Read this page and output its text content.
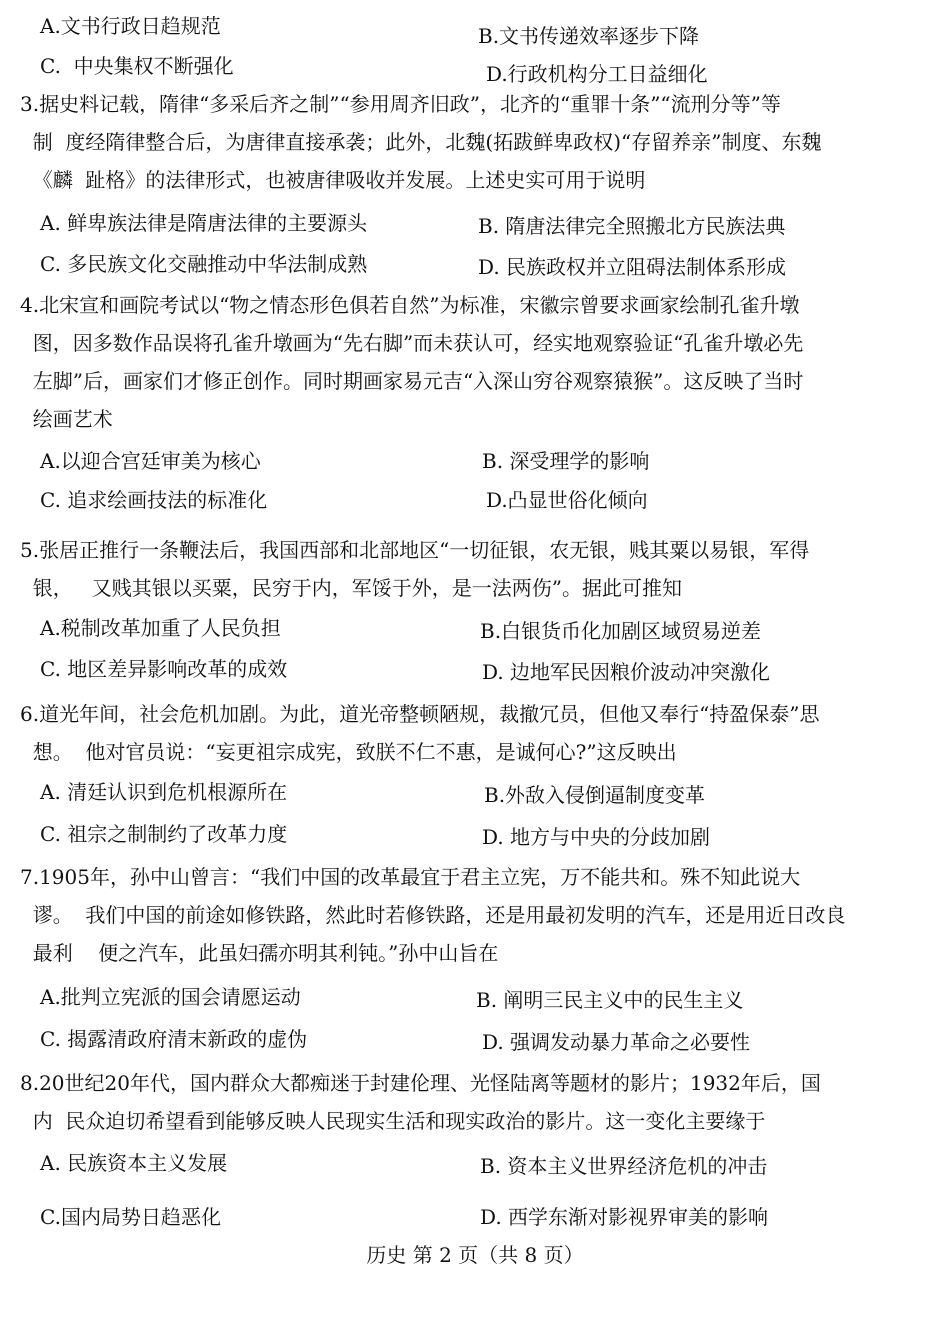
A.文书行政日趋规范	B.文书传递效率逐步下降
C.  中央集权不断强化	D.行政机构分工日益细化
3.据史料记载，隋律“多采后齐之制”“参用周齐旧政”，北齐的“重罪十条”“流刑分等”等
制  度经隋律整合后，为唐律直接承袭；此外，北魏(拓跋鲜卑政权)“存留养亲”制度、东魏
《麟  趾格》的法律形式，也被唐律吸收并发展。上述史实可用于说明
A. 鲜卑族法律是隋唐法律的主要源头	B. 隋唐法律完全照搬北方民族法典
C. 多民族文化交融推动中华法制成熟	D. 民族政权并立阻碍法制体系形成
4.北宋宣和画院考试以“物之情态形色俱若自然”为标准，宋徽宗曾要求画家绘制孔雀升墩
图，因多数作品误将孔雀升墩画为“先右脚”而未获认可，经实地观察验证“孔雀升墩必先
左脚”后，画家们才修正创作。同时期画家易元吉“入深山穷谷观察猿猴”。这反映了当时
绘画艺术
A.以迎合宫廷审美为核心	B. 深受理学的影响
C. 追求绘画技法的标准化	D.凸显世俗化倾向
5.张居正推行一条鞭法后，我国西部和北部地区“一切征银，农无银，贱其粟以易银，军得
银，   又贱其银以买粟，民穷于内，军馁于外，是一法两伤”。据此可推知
A.税制改革加重了人民负担	B.白银货币化加剧区域贸易逆差
C. 地区差异影响改革的成效	D. 边地军民因粮价波动冲突激化
6.道光年间，社会危机加剧。为此，道光帝整顿陋规，裁撤冗员，但他又奉行“持盈保泰”思
想。  他对官员说：“妄更祖宗成宪，致朕不仁不惠，是诚何心?”这反映出
A. 清廷认识到危机根源所在	B.外敌入侵倒逼制度变革
C. 祖宗之制制约了改革力度	D. 地方与中央的分歧加剧
7.1905年，孙中山曾言：“我们中国的改革最宜于君主立宪，万不能共和。殊不知此说大
谬。  我们中国的前途如修铁路，然此时若修铁路，还是用最初发明的汽车，还是用近日改良
最利    便之汽车，此虽妇孺亦明其利钝。”孙中山旨在
A.批判立宪派的国会请愿运动	B. 阐明三民主义中的民生主义
C. 揭露清政府清末新政的虚伪	D. 强调发动暴力革命之必要性
8.20世纪20年代，国内群众大都痴迷于封建伦理、光怪陆离等题材的影片；1932年后，国
内  民众迫切希望看到能够反映人民现实生活和现实政治的影片。这一变化主要缘于
A. 民族资本主义发展	B. 资本主义世界经济危机的冲击
C.国内局势日趋恶化	D. 西学东渐对影视界审美的影响
历史 第 2 页（共 8 页）
